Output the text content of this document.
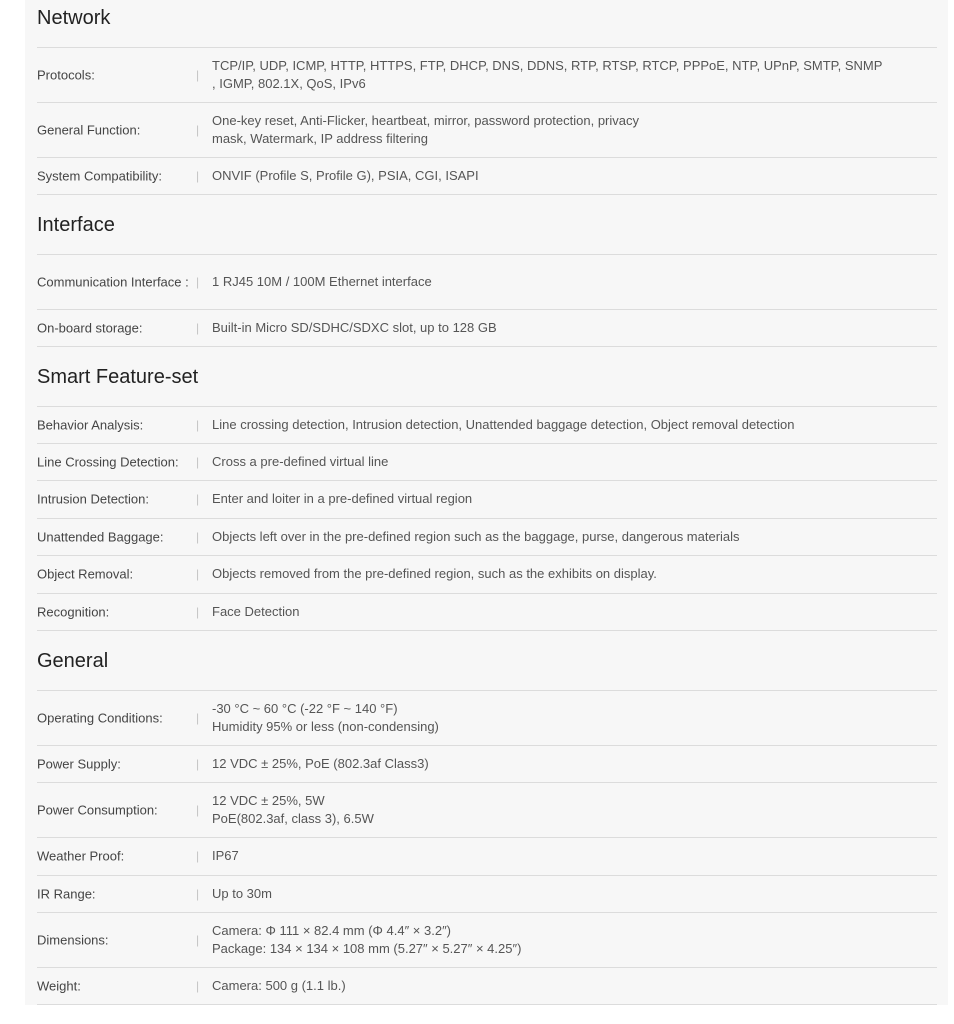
Network
Protocols:	|
TCP/IP, UDP, ICMP, HTTP, HTTPS, FTP, DHCP, DNS, DDNS, RTP, RTSP, RTCP, PPPoE, NTP, UPnP, SMTP, SNMP
, IGMP, 802.1X, QoS, IPv6
General Function:	|
One-key reset, Anti-Flicker, heartbeat, mirror, password protection, privacy
mask, Watermark, IP address filtering
System Compatibility:	| ONVIF (Profile S, Profile G), PSIA, CGI, ISAPI
Interface
Communication Interface : | 1 RJ45 10M / 100M Ethernet interface
On-board storage:	| Built-in Micro SD/SDHC/SDXC slot, up to 128 GB
Smart Feature-set
Behavior Analysis:	| Line crossing detection, Intrusion detection, Unattended baggage detection, Object removal detection
Line Crossing Detection:	| Cross a pre-defined virtual line
Intrusion Detection:	| Enter and loiter in a pre-defined virtual region
Unattended Baggage:	| Objects left over in the pre-defined region such as the baggage, purse, dangerous materials
Object Removal:	| Objects removed from the pre-defined region, such as the exhibits on display.
Recognition:	| Face Detection
General
Operating Conditions:	|
-30 °C ~ 60 °C (-22 °F ~ 140 °F)
Humidity 95% or less (non-condensing)
Power Supply:	| 12 VDC ± 25%, PoE (802.3af Class3)
Power Consumption:	|
12 VDC ± 25%, 5W
PoE(802.3af, class 3), 6.5W
Weather Proof:	| IP67
IR Range:	| Up to 30m
Dimensions:	|
Camera: Φ 111 × 82.4 mm (Φ 4.4″ × 3.2″)
Package: 134 × 134 × 108 mm (5.27″ × 5.27″ × 4.25″)
Weight:	| Camera: 500 g (1.1 lb.)
